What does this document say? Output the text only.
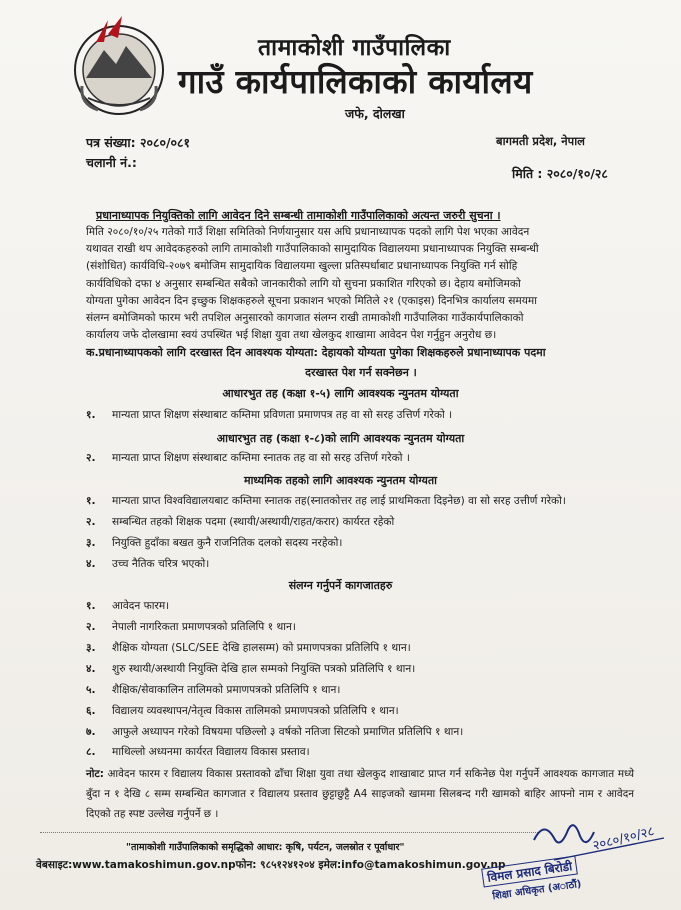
तामाकोशी गाउँपालिका
गाउँ कार्यपालिकाको कार्यालय
जफे, दोलखा
पत्र संख्या: २०८०/०८१
चलानी नं.:
बागमती प्रदेश, नेपाल
मिति : २०८०/१०/२८
प्रधानाध्यापक नियुक्तिको लागि आवेदन दिने सम्बन्धी तामाकोशी गाउँपालिकाको अत्यन्त जरुरी सुचना ।
मिति २०८०/१०/२५ गतेको गाउँ शिक्षा समितिको निर्णयानुसार यस अघि प्रधानाध्यापक पदको लागि पेश भएका आवेदन
यथावत राखी थप आवेदकहरुको लागि तामाकोशी गाउँपालिकाको सामुदायिक विद्यालयमा प्रधानाध्यापक नियुक्ति सम्बन्धी
(संशोधित) कार्यविधि-२०७९ बमोजिम सामुदायिक विद्यालयमा खुल्ला प्रतिस्पर्धाबाट प्रधानाध्यापक नियुक्ति गर्न सोहि
कार्यविधिको दफा ४ अनुसार सम्बन्धित सबैको जानकारीको लागि यो सुचना प्रकाशित गरिएको छ। देहाय बमोजिमको
योग्यता पुगेका आवेदन दिन इच्छुक शिक्षकहरुले सूचना प्रकाशन भएको मितिले २१ (एकाइस) दिनभित्र कार्यालय समयमा
संलग्न बमोजिमको फारम भरी तपशिल अनुसारको कागजात संलग्न राखी तामाकोशी गाउँपालिका गाउँकार्यपालिकाको
कार्यालय जफे दोलखामा स्वयं उपस्थित भई शिक्षा युवा तथा खेलकुद शाखामा आवेदन पेश गर्नुहुन अनुरोध छ।
क.प्रधानाध्यापकको लागि दरखास्त दिन आवश्यक योग्यता: देहायको योग्यता पुगेका शिक्षकहरुले प्रधानाध्यापक पदमा
दरखास्त पेश गर्न सक्नेछन ।
आधारभुत तह (कक्षा १-५) लागि आवश्यक न्युनतम योग्यता
१. मान्यता प्राप्त शिक्षण संस्थाबाट कम्तिमा प्रविणता प्रमाणपत्र तह वा सो सरह उत्तिर्ण गरेको ।
आधारभुत तह (कक्षा १-८)को लागि आवश्यक न्युनतम योग्यता
२. मान्यता प्राप्त शिक्षण संस्थाबाट कम्तिमा स्नातक तह वा सो सरह उत्तिर्ण गरेको ।
माध्यमिक तहको लागि आवश्यक न्युनतम योग्यता
१. मान्यता प्राप्त विश्वविद्यालयबाट कम्तिमा स्नातक तह(स्नातकोत्तर तह लाई प्राथमिकता दिइनेछ) वा सो सरह उत्तीर्ण गरेको।
२. सम्बन्धित तहको शिक्षक पदमा (स्थायी/अस्थायी/राहत/करार) कार्यरत रहेको
३. नियुक्ति हुदाँका बखत कुनै राजनितिक दलको सदस्य नरहेको।
४. उच्च नैतिक चरित्र भएको।
संलग्न गर्नुपर्ने कागजातहरु
१. आवेदन फारम।
२. नेपाली नागरिकता प्रमाणपत्रको प्रतिलिपि १ थान।
३. शैक्षिक योग्यता (SLC/SEE देखि हालसम्म) को प्रमाणपत्रका प्रतिलिपि १ थान।
४. शुरु स्थायी/अस्थायी नियुक्ति देखि हाल सम्मको नियुक्ति पत्रको प्रतिलिपि १ थान।
५. शैक्षिक/सेवाकालिन तालिमको प्रमाणपत्रको प्रतिलिपि १ थान।
६. विद्यालय व्यवस्थापन/नेतृत्व विकास तालिमको प्रमाणपत्रको प्रतिलिपि १ थान।
७. आफुले अध्यापन गरेको विषयमा पछिल्लो ३ वर्षको नतिजा सिटको प्रमाणित प्रतिलिपि १ थान।
८. माथिल्लो अध्यनमा कार्यरत विद्यालय विकास प्रस्ताव।
नोट: आवेदन फारम र विद्यालय विकास प्रस्तावको ढाँचा शिक्षा युवा तथा खेलकुद शाखाबाट प्राप्त गर्न सकिनेछ पेश गर्नुपर्ने आवश्यक कागजात मध्ये बुँदा न १ देखि ८ सम्म सम्बन्धित कागजात र विद्यालय प्रस्ताव छुट्टाछुट्टै A4 साइजको खाममा सिलबन्द गरी खामको बाहिर आफ्नो नाम र आवेदन दिएको तह स्पष्ट उल्लेख गर्नुपर्ने छ ।
"तामाकोशी गाउँपालिकाको समृद्धिको आधार: कृषि, पर्यटन, जलस्रोत र पूर्वाधार"
वेबसाइट:www.tamakoshimun.gov.npफोन: ९८५१२४१२०४ इमेल:info@tamakoshimun.gov.np
२०८०/१०/२८
विमल प्रसाद बिरोडी
शिक्षा अधिकृत (अाठौं)
